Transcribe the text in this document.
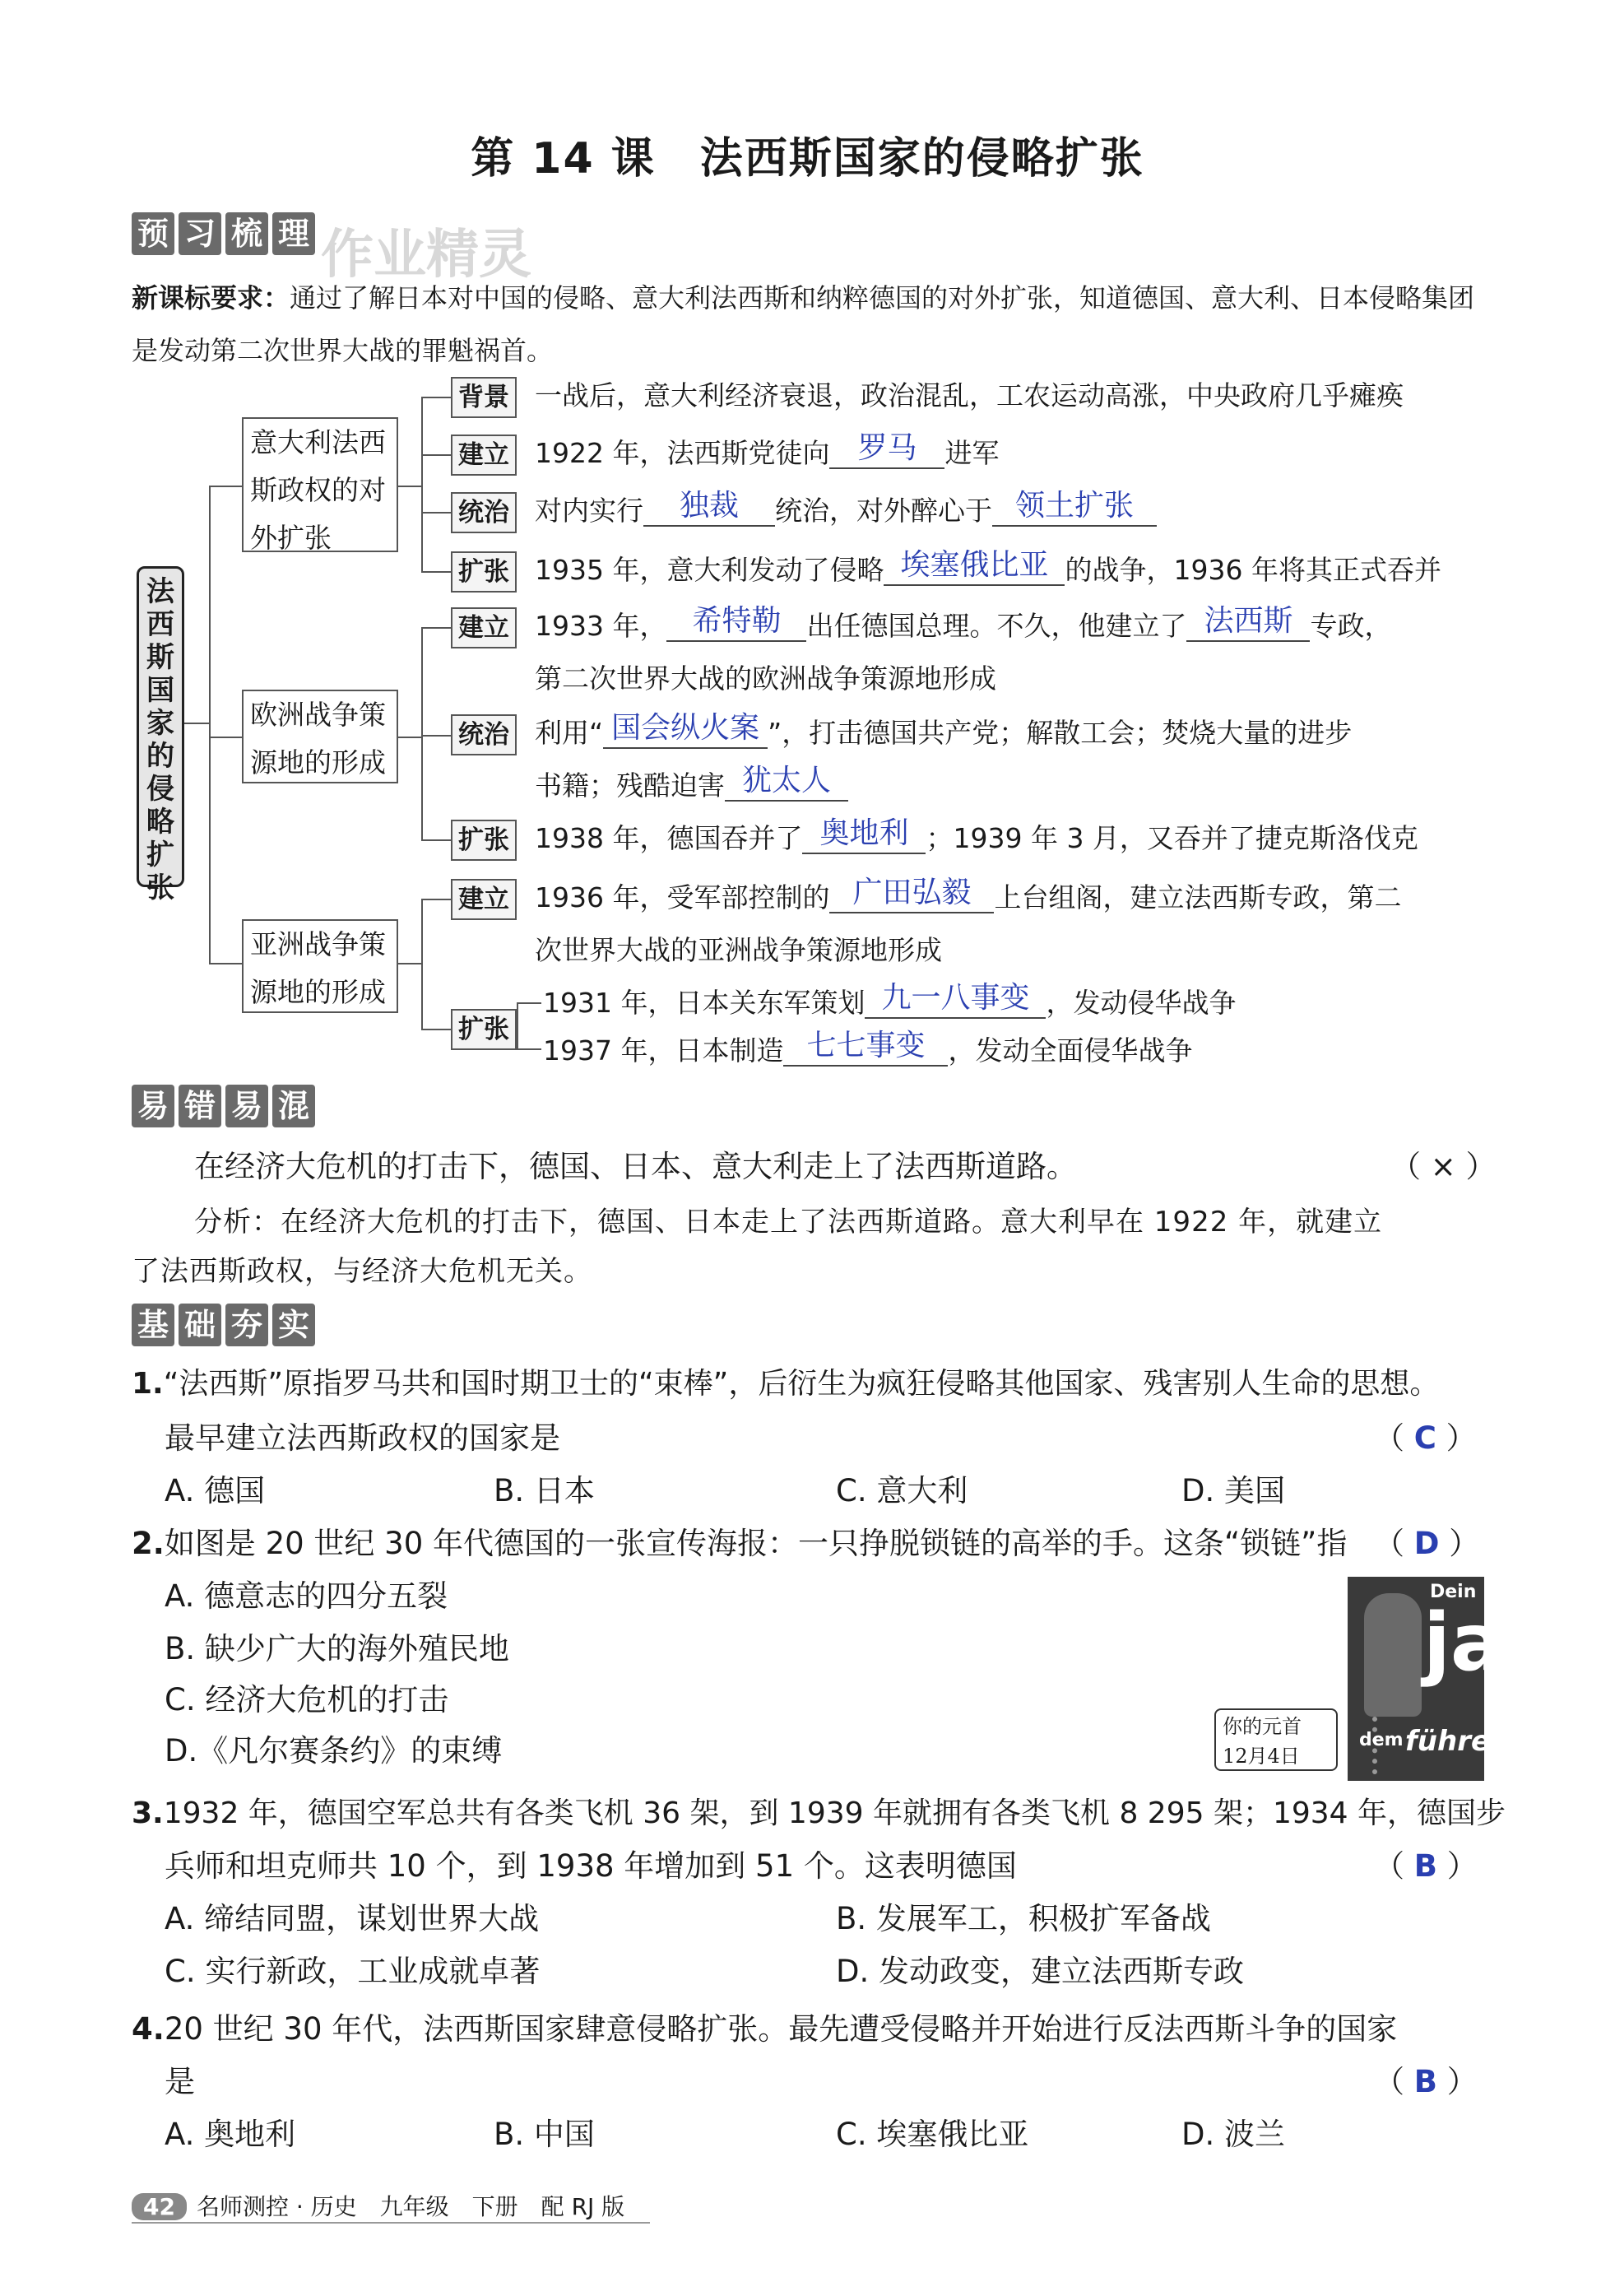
第 14 课　法西斯国家的侵略扩张
预 习 梳 理 作业精灵
新课标要求：通过了解日本对中国的侵略、意大利法西斯和纳粹德国的对外扩张，知道德国、意大利、日本侵略集团是发动第二次世界大战的罪魁祸首。
法西斯国家的侵略扩张
意大利法西斯政权的对外扩张
欧洲战争策源地的形成
亚洲战争策源地的形成
背景 一战后，意大利经济衰退，政治混乱，工农运动高涨，中央政府几乎瘫痪
建立 1922 年，法西斯党徒向 罗马 进军
统治 对内实行 独裁 统治，对外醉心于 领土扩张
扩张 1935 年，意大利发动了侵略 埃塞俄比亚 的战争，1936 年将其正式吞并
建立 1933 年， 希特勒 出任德国总理。不久，他建立了 法西斯 专政，
第二次世界大战的欧洲战争策源地形成
统治 利用“ 国会纵火案 ”，打击德国共产党；解散工会；焚烧大量的进步
书籍；残酷迫害 犹太人
扩张 1938 年，德国吞并了 奥地利 ；1939 年 3 月，又吞并了捷克斯洛伐克
建立 1936 年，受军部控制的 广田弘毅 上台组阁，建立法西斯专政，第二
次世界大战的亚洲战争策源地形成
扩张
1931 年，日本关东军策划 九一八事变 ，发动侵华战争
1937 年，日本制造 七七事变 ，发动全面侵华战争
易 错 易 混
在经济大危机的打击下，德国、日本、意大利走上了法西斯道路。	（ × ）
分析：在经济大危机的打击下，德国、日本走上了法西斯道路。意大利早在 1922 年，就建立
了法西斯政权，与经济大危机无关。
基 础 夯 实
1.“法西斯”原指罗马共和国时期卫士的“束棒”，后衍生为疯狂侵略其他国家、残害别人生命的思想。
最早建立法西斯政权的国家是	（ C ）
A. 德国	B. 日本	C. 意大利	D. 美国
2.如图是 20 世纪 30 年代德国的一张宣传海报：一只挣脱锁链的高举的手。这条“锁链”指 （ D ）
A. 德意志的四分五裂
B. 缺少广大的海外殖民地
C. 经济大危机的打击
D.《凡尔赛条约》的束缚
Dein
ja
dem führer
你的元首
12月4日
3.1932 年，德国空军总共有各类飞机 36 架，到 1939 年就拥有各类飞机 8 295 架；1934 年，德国步
兵师和坦克师共 10 个，到 1938 年增加到 51 个。这表明德国	（ B ）
A. 缔结同盟，谋划世界大战	B. 发展军工，积极扩军备战
C. 实行新政，工业成就卓著	D. 发动政变，建立法西斯专政
4.20 世纪 30 年代，法西斯国家肆意侵略扩张。最先遭受侵略并开始进行反法西斯斗争的国家
是	（ B ）
A. 奥地利	B. 中国	C. 埃塞俄比亚	D. 波兰
42 名师测控 · 历史　九年级　下册　配 RJ 版
